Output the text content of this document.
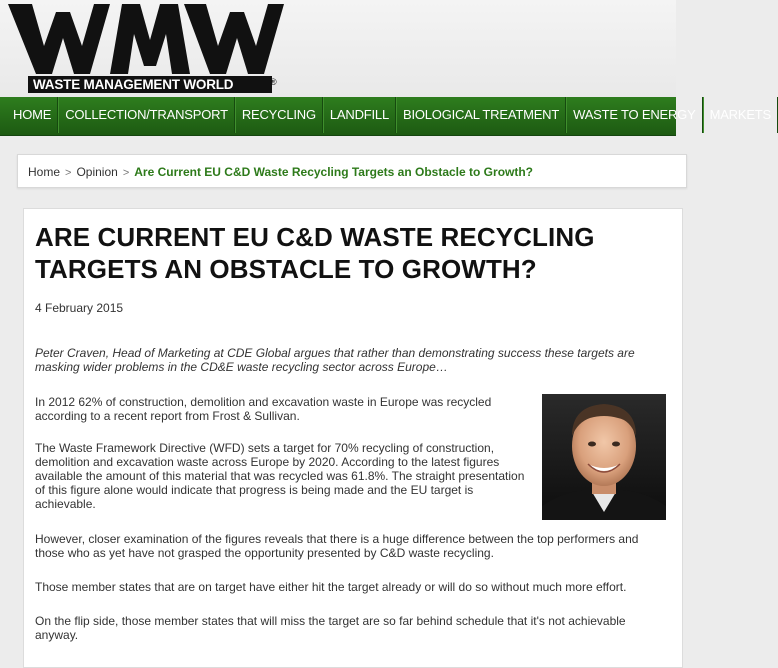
WASTE MANAGEMENT WORLD	®
HOME COLLECTION/TRANSPORT RECYCLING LANDFILL BIOLOGICAL TREATMENT WASTE TO ENERGY MARKETS
Home > Opinion > Are Current EU C&D Waste Recycling Targets an Obstacle to Growth?
ARE CURRENT EU C&D WASTE RECYCLING TARGETS AN OBSTACLE TO GROWTH?
4 February 2015

Peter Craven, Head of Marketing at CDE Global argues that rather than demonstrating success these targets are masking wider problems in the CD&E waste recycling sector across Europe…

In 2012 62% of construction, demolition and excavation waste in Europe was recycled according to a recent report from Frost & Sullivan.

The Waste Framework Directive (WFD) sets a target for 70% recycling of construction, demolition and excavation waste across Europe by 2020. According to the latest figures available the amount of this material that was recycled was 61.8%. The straight presentation of this figure alone would indicate that progress is being made and the EU target is achievable.

However, closer examination of the figures reveals that there is a huge difference between the top performers and those who as yet have not grasped the opportunity presented by C&D waste recycling.

Those member states that are on target have either hit the target already or will do so without much more effort.

On the flip side, those member states that will miss the target are so far behind schedule that it's not achievable anyway.
